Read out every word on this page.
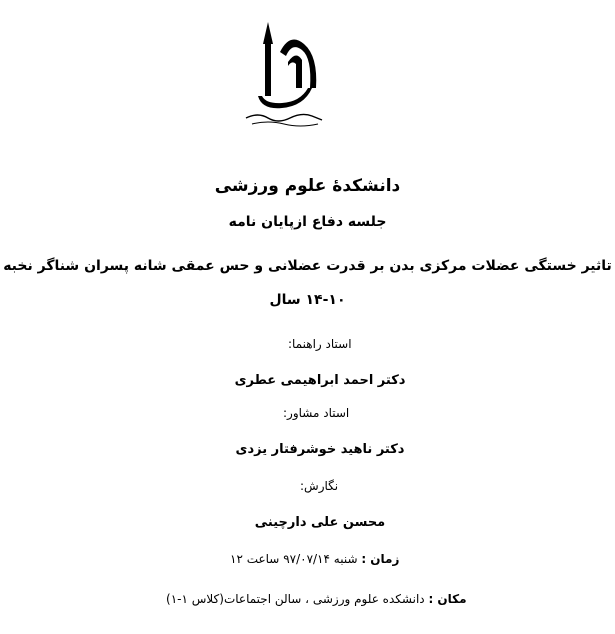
دانشکدهٔ علوم ورزشی
جلسه دفاع ازپایان نامه
تاثیر خستگی عضلات مرکزی بدن بر قدرت عضلانی و حس عمقی شانه پسران شناگر نخبه
۱۴-۱۰ سال
استاد راهنما:
دکتر احمد ابراهیمی عطری
استاد مشاور:
دکتر ناهید خوشرفتار یزدی
نگارش:
محسن علی دارچینی
زمان : شنبه ۹۷/۰۷/۱۴ ساعت ۱۲
مکان : دانشکده علوم ورزشی ، سالن اجتماعات(کلاس ۱-۱)
